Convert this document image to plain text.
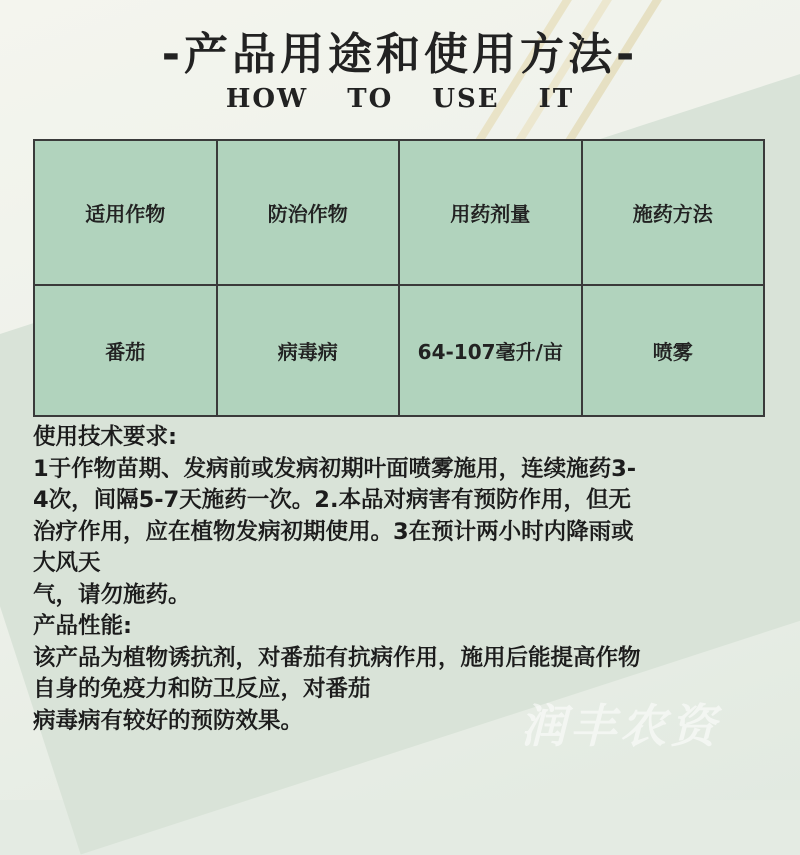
-产品用途和使用方法-
HOW TO USE IT
适用作物	防治作物	用药剂量	施药方法
番茄	病毒病	64-107毫升/亩	喷雾

使用技术要求:

1于作物苗期、发病前或发病初期叶面喷雾施用，连续施药3-

4次，间隔5-7天施药一次。2.本品对病害有预防作用，但无

治疗作用，应在植物发病初期使用。3在预计两小时内降雨或

大风天

气，请勿施药。

产品性能:

该产品为植物诱抗剂，对番茄有抗病作用，施用后能提高作物

自身的免疫力和防卫反应，对番茄

病毒病有较好的预防效果。	润丰农资
